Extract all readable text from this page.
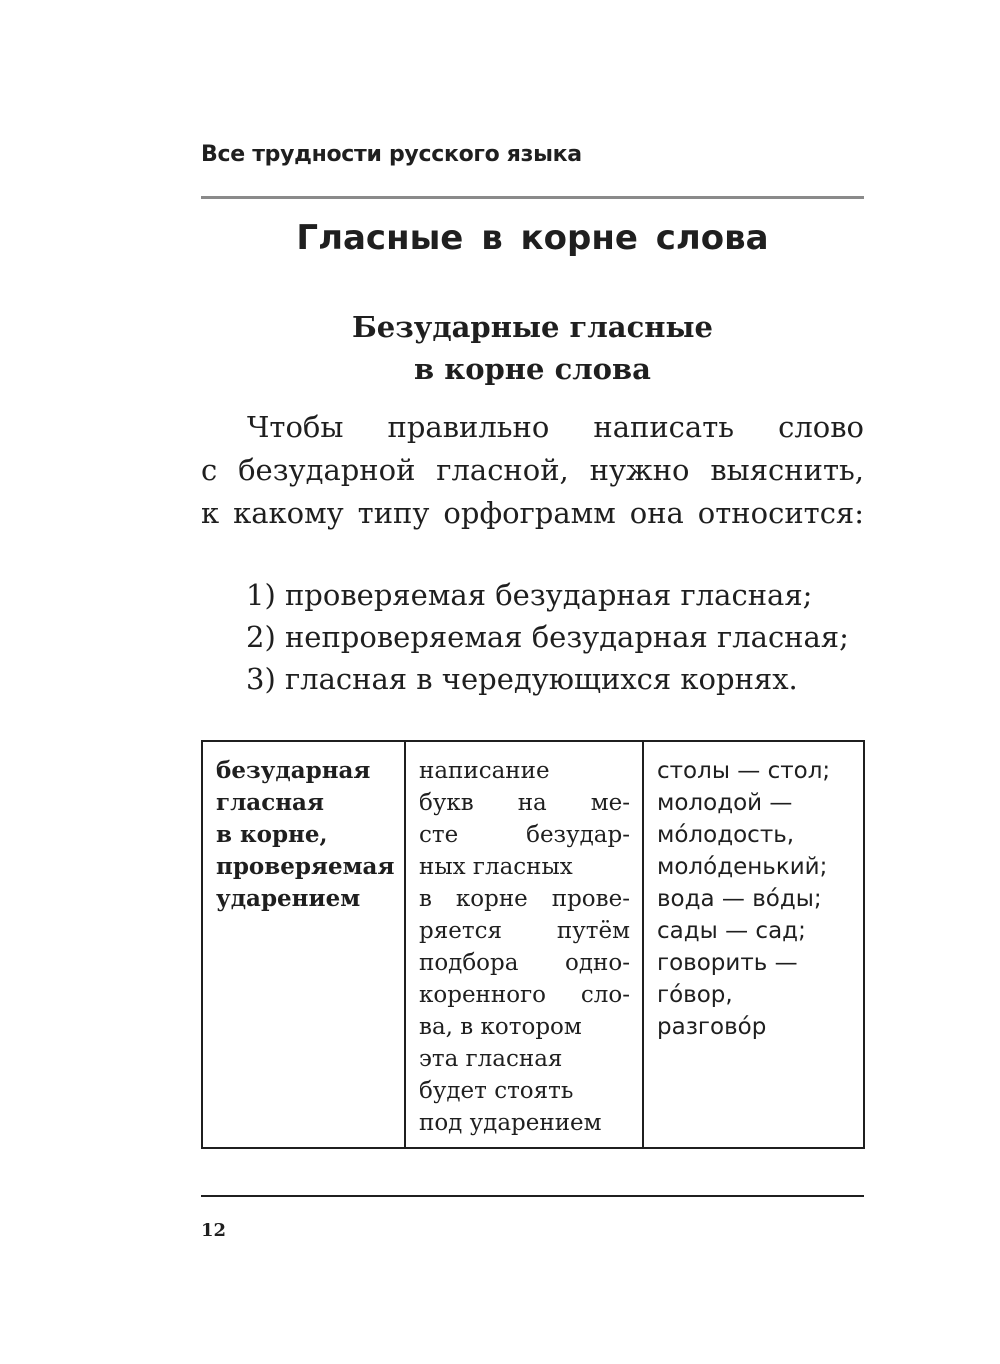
Все трудности русского языка
Гласные в корне слова
Безударные гласные
в корне слова
Чтобы правильно написать слово
с безударной гласной, нужно выяснить,
к какому типу орфограмм она относится:
1) проверяемая безударная гласная;
2) непроверяемая безударная гласная;
3) гласная в чередующихся корнях.
безударная
гласная
в корне,
проверяемая
ударением

написание
букв на ме-
сте безудар-
ных гласных
в корне прове-
ряется путём
подбора одно-
коренного сло-
ва, в котором
эта гласная
будет стоять
под ударением

столы — стол;
молодой —
мо́лодость,
моло́денький;
вода — во́ды;
сады — сад;
говорить —
го́вор,
разгово́р
12
